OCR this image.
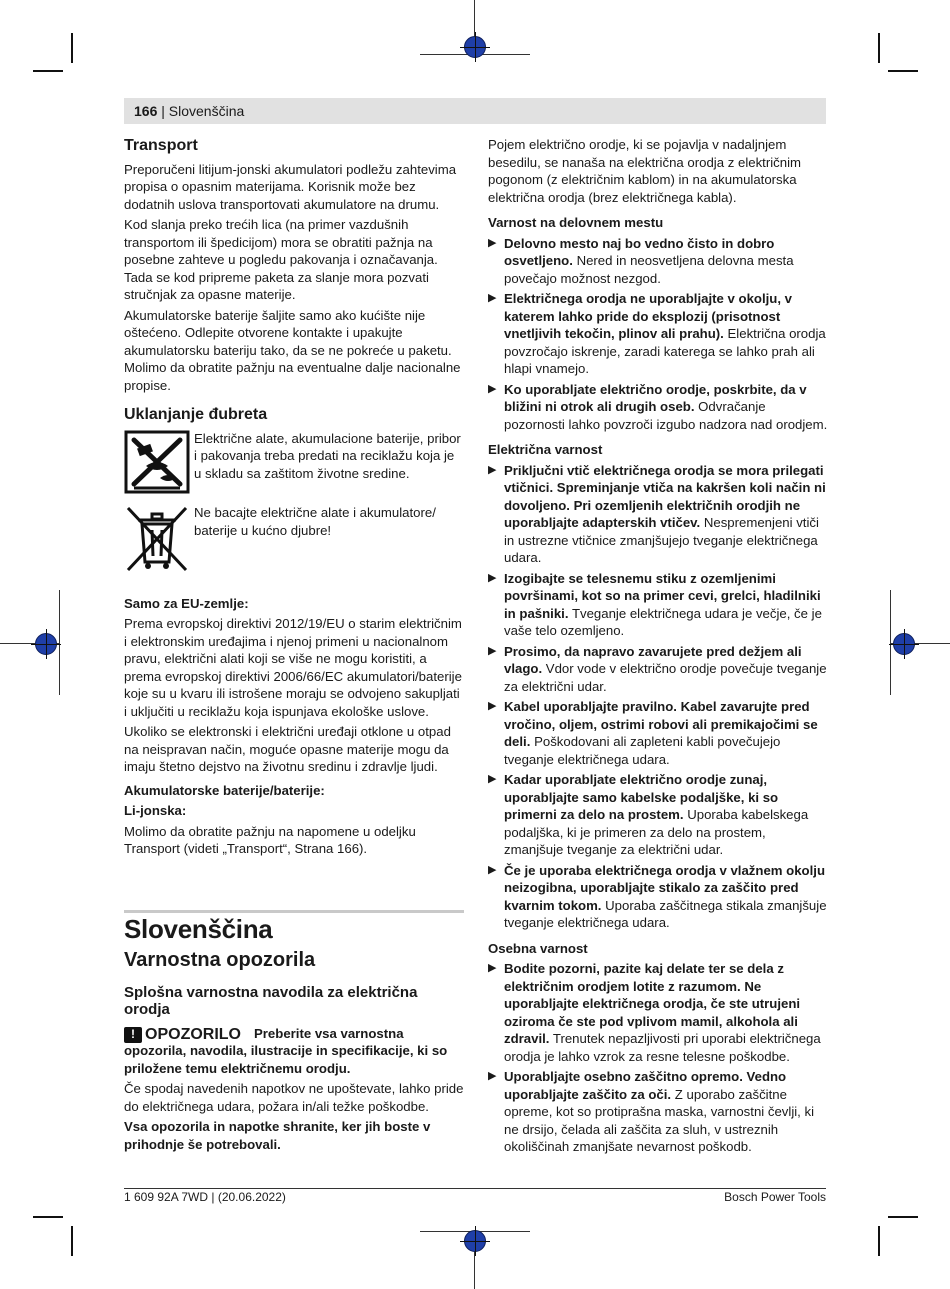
166 | Slovenščina
Transport

Preporučeni litijum-jonski akumulatori podležu zahtevima propisa o opasnim materijama. Korisnik može bez dodatnih uslova transportovati akumulatore na drumu.

Kod slanja preko trećih lica (na primer vazdušnih transportom ili špedicijom) mora se obratiti pažnja na posebne zahteve u pogledu pakovanja i označavanja. Tada se kod pripreme paketa za slanje mora pozvati stručnjak za opasne materije.

Akumulatorske baterije šaljite samo ako kućište nije oštećeno. Odlepite otvorene kontakte i upakujte akumulatorsku bateriju tako, da se ne pokreće u paketu. Molimo da obratite pažnju na eventualne dalje nacionalne propise.

Uklanjanje đubreta
Električne alate, akumulacione baterije, pribor i pakovanja treba predati na reciklažu koja je u skladu sa zaštitom životne sredine.
Ne bacajte električne alate i akumulatore/ baterije u kućno djubre!
Samo za EU-zemlje:

Prema evropskoj direktivi 2012/19/EU o starim električnim i elektronskim uređajima i njenoj primeni u nacionalnom pravu, električni alati koji se više ne mogu koristiti, a prema evropskoj direktivi 2006/66/EC akumulatori/baterije koje su u kvaru ili istrošene moraju se odvojeno sakupljati i uključiti u reciklažu koja ispunjava ekološke uslove.

Ukoliko se elektronski i električni uređaji otklone u otpad na neispravan način, moguće opasne materije mogu da imaju štetno dejstvo na životnu sredinu i zdravlje ljudi.

Akumulatorske baterije/baterije:
Li-jonska:

Molimo da obratite pažnju na napomene u odeljku Transport (videti „Transport“, Strana 166).

Slovenščina
Varnostna opozorila
Splošna varnostna navodila za električna orodja
! OPOZORILO Preberite vsa varnostna opozorila, navodila, ilustracije in specifikacije, ki so priložene temu električnemu orodju.

Če spodaj navedenih napotkov ne upoštevate, lahko pride do električnega udara, požara in/ali težke poškodbe.

Vsa opozorila in napotke shranite, ker jih boste v prihodnje še potrebovali.

Pojem električno orodje, ki se pojavlja v nadaljnjem besedilu, se nanaša na električna orodja z električnim pogonom (z električnim kablom) in na akumulatorska električna orodja (brez električnega kabla).

Varnost na delovnem mestu
▶ Delovno mesto naj bo vedno čisto in dobro osvetljeno. Nered in neosvetljena delovna mesta povečajo možnost nezgod.
▶ Električnega orodja ne uporabljajte v okolju, v katerem lahko pride do eksplozij (prisotnost vnetljivih tekočin, plinov ali prahu). Električna orodja povzročajo iskrenje, zaradi katerega se lahko prah ali hlapi vnamejo.
▶ Ko uporabljate električno orodje, poskrbite, da v bližini ni otrok ali drugih oseb. Odvračanje pozornosti lahko povzroči izgubo nadzora nad orodjem.
Električna varnost
▶ Priključni vtič električnega orodja se mora prilegati vtičnici. Spreminjanje vtiča na kakršen koli način ni dovoljeno. Pri ozemljenih električnih orodjih ne uporabljajte adapterskih vtičev. Nespremenjeni vtiči in ustrezne vtičnice zmanjšujejo tveganje električnega udara.
▶ Izogibajte se telesnemu stiku z ozemljenimi površinami, kot so na primer cevi, grelci, hladilniki in pašniki. Tveganje električnega udara je večje, če je vaše telo ozemljeno.
▶ Prosimo, da napravo zavarujete pred dežjem ali vlago. Vdor vode v električno orodje povečuje tveganje za električni udar.
▶ Kabel uporabljajte pravilno. Kabel zavarujte pred vročino, oljem, ostrimi robovi ali premikajočimi se deli. Poškodovani ali zapleteni kabli povečujejo tveganje električnega udara.
▶ Kadar uporabljate električno orodje zunaj, uporabljajte samo kabelske podaljške, ki so primerni za delo na prostem. Uporaba kabelskega podaljška, ki je primeren za delo na prostem, zmanjšuje tveganje za električni udar.
▶ Če je uporaba električnega orodja v vlažnem okolju neizogibna, uporabljajte stikalo za zaščito pred kvarnim tokom. Uporaba zaščitnega stikala zmanjšuje tveganje električnega udara.
Osebna varnost
▶ Bodite pozorni, pazite kaj delate ter se dela z električnim orodjem lotite z razumom. Ne uporabljajte električnega orodja, če ste utrujeni oziroma če ste pod vplivom mamil, alkohola ali zdravil. Trenutek nepazljivosti pri uporabi električnega orodja je lahko vzrok za resne telesne poškodbe.
▶ Uporabljajte osebno zaščitno opremo. Vedno uporabljajte zaščito za oči. Z uporabo zaščitne opreme, kot so protiprašna maska, varnostni čevlji, ki ne drsijo, čelada ali zaščita za sluh, v ustreznih okoliščinah zmanjšate nevarnost poškodb.
1 609 92A 7WD | (20.06.2022)	Bosch Power Tools
